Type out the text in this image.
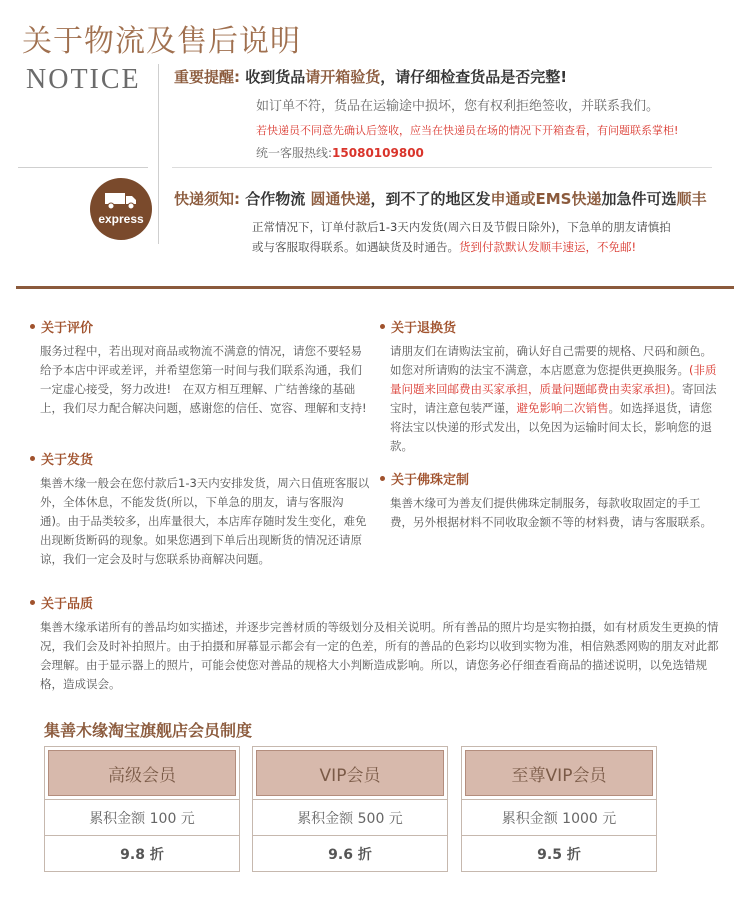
关于物流及售后说明
NOTICE
express
重要提醒: 收到货品请开箱验货，请仔细检查货品是否完整!
如订单不符，货品在运输途中损坏，您有权利拒绝签收，并联系我们。
若快递员不同意先确认后签收，应当在快递员在场的情况下开箱查看，有问题联系掌柜!
统一客服热线:15080109800
快递须知: 合作物流 圆通快递，到不了的地区发申通或EMS快递加急件可选顺丰
正常情况下，订单付款后1-3天内发货(周六日及节假日除外)，下急单的朋友请慎拍
或与客服取得联系。如遇缺货及时通告。货到付款默认发顺丰速运，不免邮!
关于评价
服务过程中，若出现对商品或物流不满意的情况，请您不要轻易给予本店中评或差评，并希望您第一时间与我们联系沟通，我们一定虚心接受，努力改进!　在双方相互理解、广结善缘的基础上，我们尽力配合解决问题，感谢您的信任、宽容、理解和支持!
关于发货
集善木缘一般会在您付款后1-3天内安排发货，周六日值班客服以外，全体休息，不能发货(所以，下单急的朋友，请与客服沟通)。由于品类较多，出库量很大，本店库存随时发生变化，难免出现断货断码的现象。如果您遇到下单后出现断货的情况还请原谅，我们一定会及时与您联系协商解决问题。
关于退换货
请朋友们在请购法宝前，确认好自己需要的规格、尺码和颜色。如您对所请购的法宝不满意，本店愿意为您提供更换服务。(非质量问题来回邮费由买家承担，质量问题邮费由卖家承担)。寄回法宝时，请注意包装严谨，避免影响二次销售。如选择退货，请您将法宝以快递的形式发出，以免因为运输时间太长，影响您的退款。
关于佛珠定制
集善木缘可为善友们提供佛珠定制服务，每款收取固定的手工费，另外根据材料不同收取金额不等的材料费，请与客服联系。
关于品质
集善木缘承诺所有的善品均如实描述，并逐步完善材质的等级划分及相关说明。所有善品的照片均是实物拍摄，如有材质发生更换的情况，我们会及时补拍照片。由于拍摄和屏幕显示都会有一定的色差，所有的善品的色彩均以收到实物为准，相信熟悉网购的朋友对此都会理解。由于显示器上的照片，可能会使您对善品的规格大小判断造成影响。所以，请您务必仔细查看商品的描述说明，以免选错规格，造成误会。
集善木缘淘宝旗舰店会员制度
高级会员
累积金额 100 元
9.8 折
VIP会员
累积金额 500 元
9.6 折
至尊VIP会员
累积金额 1000 元
9.5 折
